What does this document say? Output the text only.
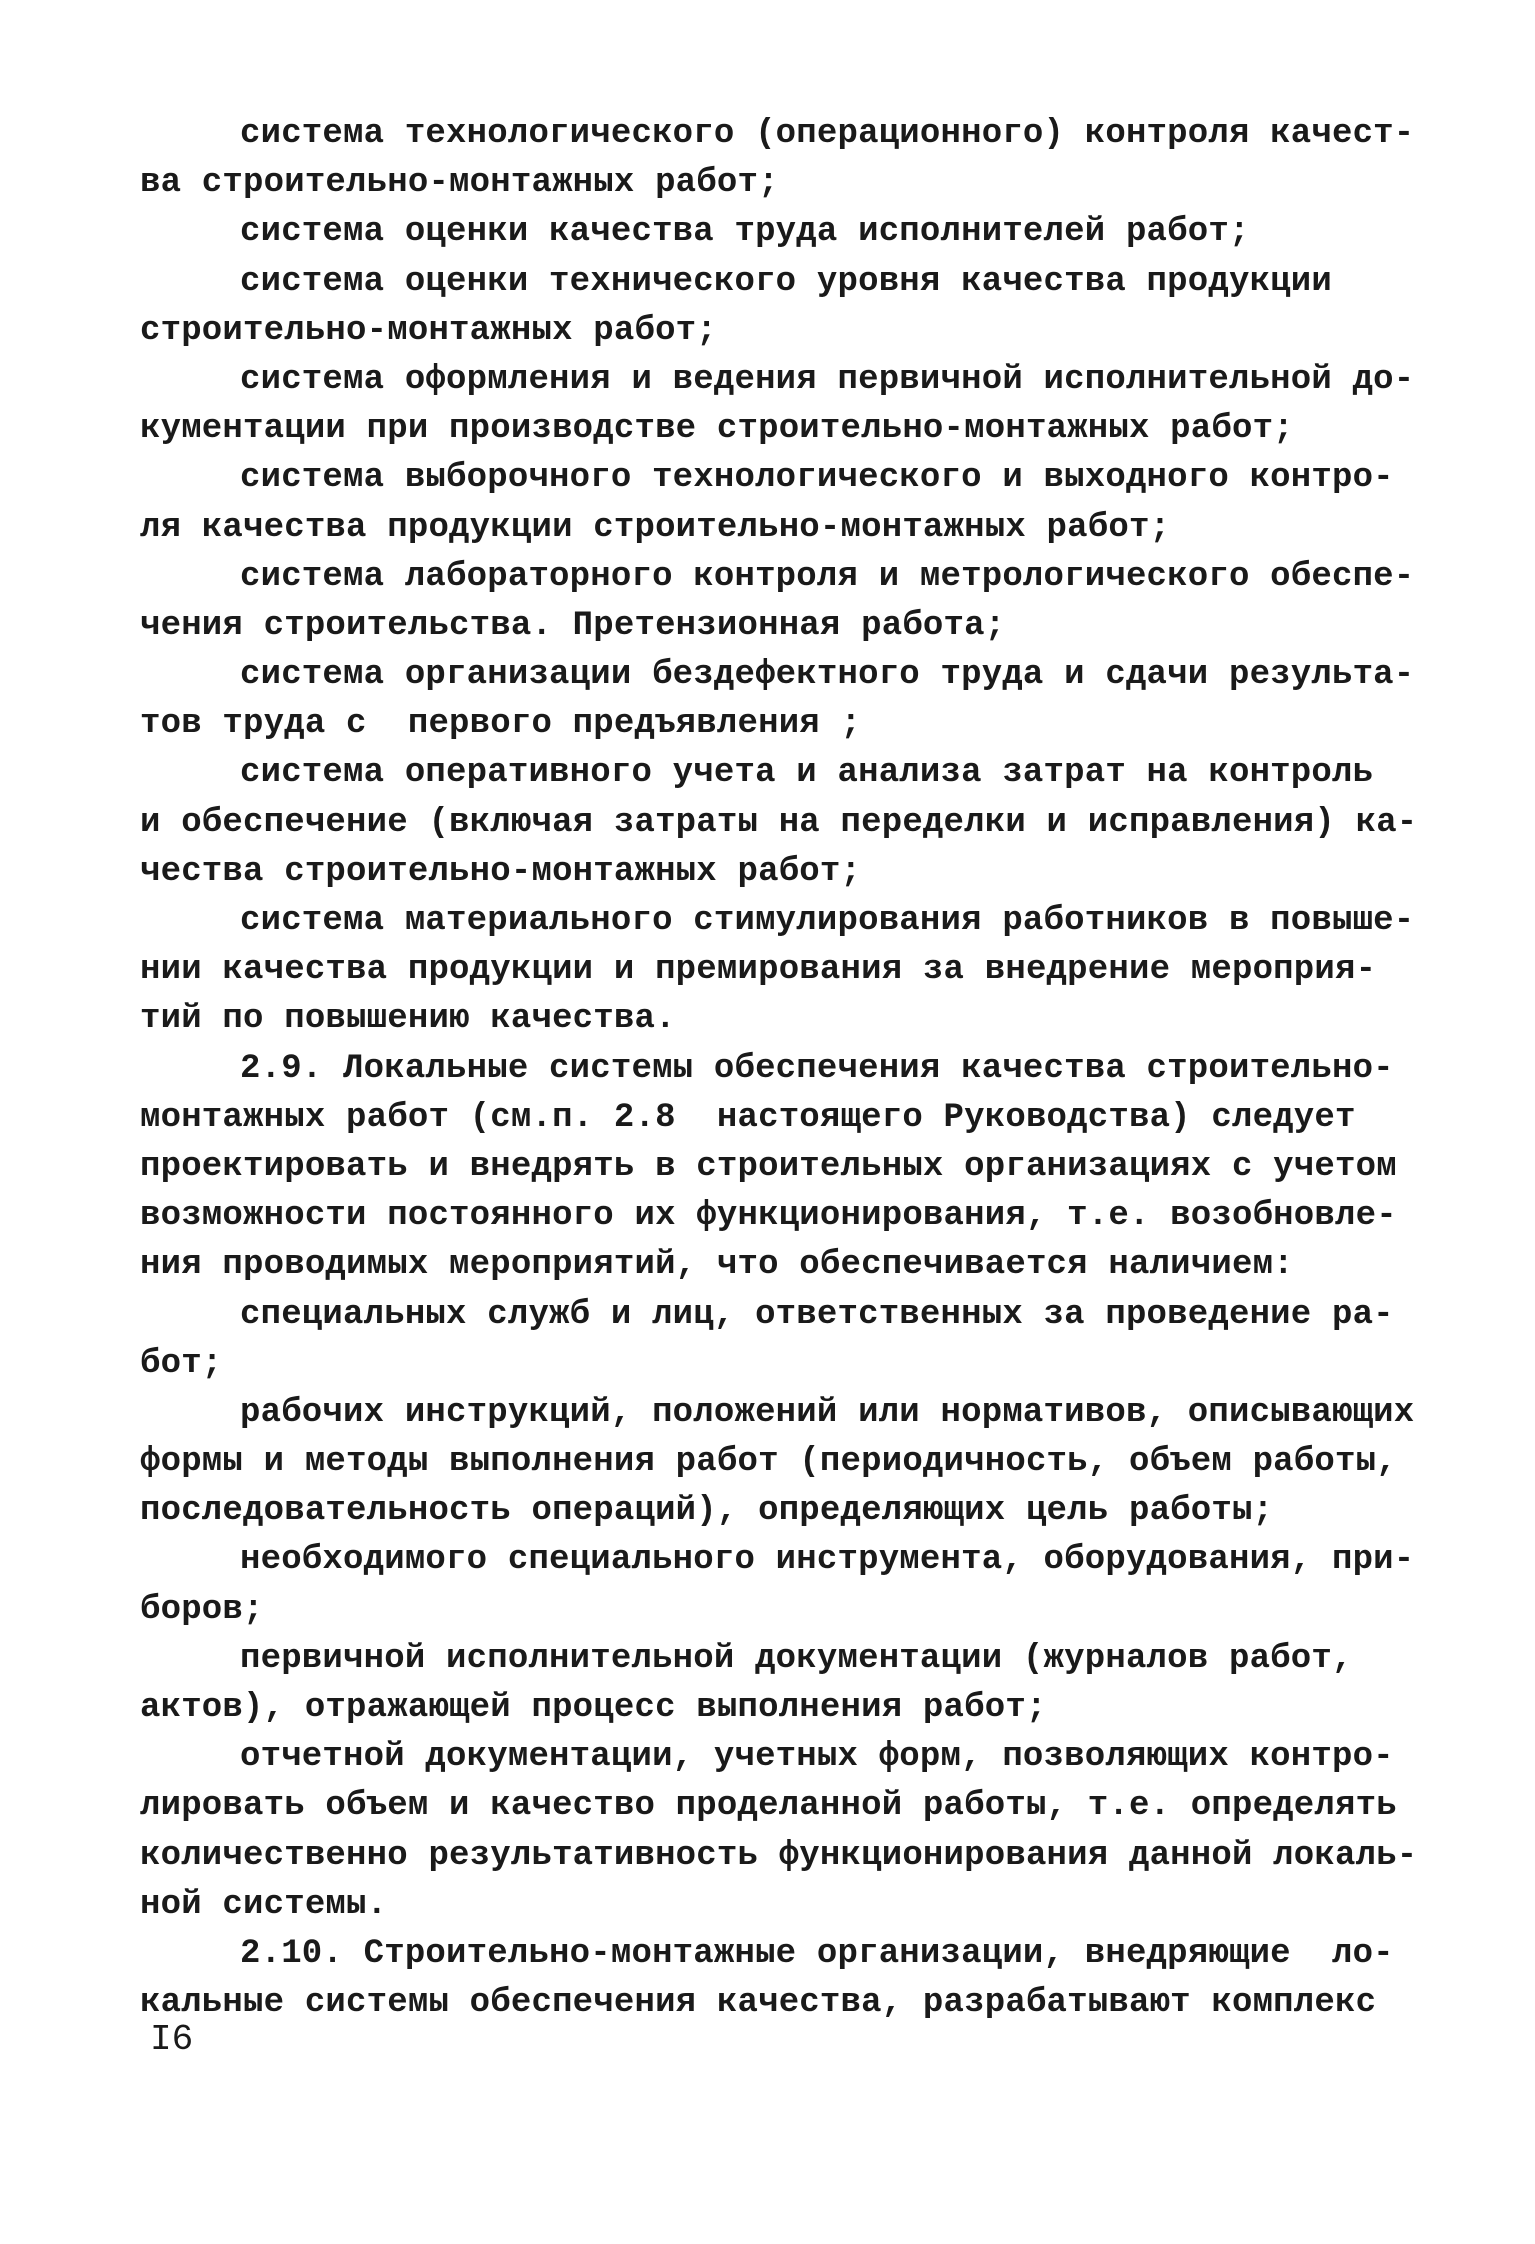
система технологического (операционного) контроля качест-
ва строительно-монтажных работ;
система оценки качества труда исполнителей работ;
система оценки технического уровня качества продукции
строительно-монтажных работ;
система оформления и ведения первичной исполнительной до-
кументации при производстве строительно-монтажных работ;
система выборочного технологического и выходного контро-
ля качества продукции строительно-монтажных работ;
система лабораторного контроля и метрологического обеспе-
чения строительства. Претензионная работа;
система организации бездефектного труда и сдачи результа-
тов труда с  первого предъявления ;
система оперативного учета и анализа затрат на контроль
и обеспечение (включая затраты на переделки и исправления) ка-
чества строительно-монтажных работ;
система материального стимулирования работников в повыше-
нии качества продукции и премирования за внедрение мероприя-
тий по повышению качества.
2.9. Локальные системы обеспечения качества строительно-
монтажных работ (см.п. 2.8  настоящего Руководства) следует
проектировать и внедрять в строительных организациях с учетом
возможности постоянного их функционирования, т.е. возобновле-
ния проводимых мероприятий, что обеспечивается наличием:
специальных служб и лиц, ответственных за проведение ра-
бот;
рабочих инструкций, положений или нормативов, описывающих
формы и методы выполнения работ (периодичность, объем работы,
последовательность операций), определяющих цель работы;
необходимого специального инструмента, оборудования, при-
боров;
первичной исполнительной документации (журналов работ,
актов), отражающей процесс выполнения работ;
отчетной документации, учетных форм, позволяющих контро-
лировать объем и качество проделанной работы, т.е. определять
количественно результативность функционирования данной локаль-
ной системы.
2.10. Строительно-монтажные организации, внедряющие  ло-
кальные системы обеспечения качества, разрабатывают комплекс
I6
